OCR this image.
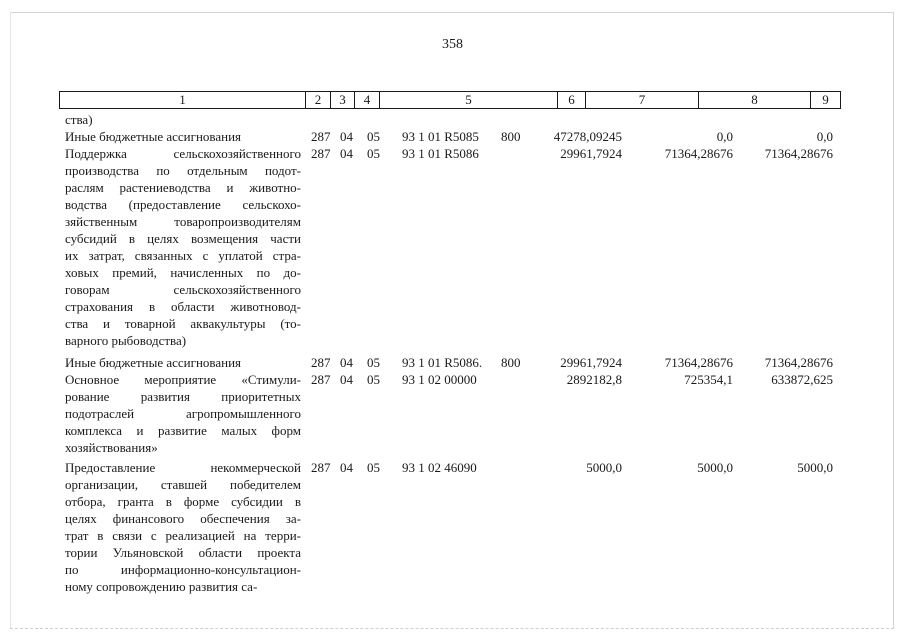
358
1	2	3	4	5	6	7	8	9
ства)
Иные бюджетные ассигнования	287 04 05 93 1 01 R5085 800	47278,09245	0,0	0,0
Поддержка сельскохозяйственного
производства по отдельным подот-
раслям растениеводства и животно-
водства (предоставление сельскохо-
зяйственным товаропроизводителям
субсидий в целях возмещения части
их затрат, связанных с уплатой стра-
ховых премий, начисленных по до-
говорам сельскохозяйственного
страхования в области животновод-
ства и товарной аквакультуры (то-
варного рыбоводства)
287 04 05 93 1 01 R5086	29961,7924	71364,28676 71364,28676
Иные бюджетные ассигнования	287 04 05 93 1 01 R5086. 800	29961,7924	71364,28676 71364,28676
Основное мероприятие «Стимули-
рование развития приоритетных
подотраслей агропромышленного
комплекса и развитие малых форм
хозяйствования»
287 04 05 93 1 02 00000	2892182,8	725354,1	633872,625
Предоставление некоммерческой
организации, ставшей победителем
отбора, гранта в форме субсидии в
целях финансового обеспечения за-
трат в связи с реализацией на терри-
тории Ульяновской области проекта
по информационно-консультацион-
ному сопровождению развития са-
287 04 05 93 1 02 46090	5000,0	5000,0	5000,0
